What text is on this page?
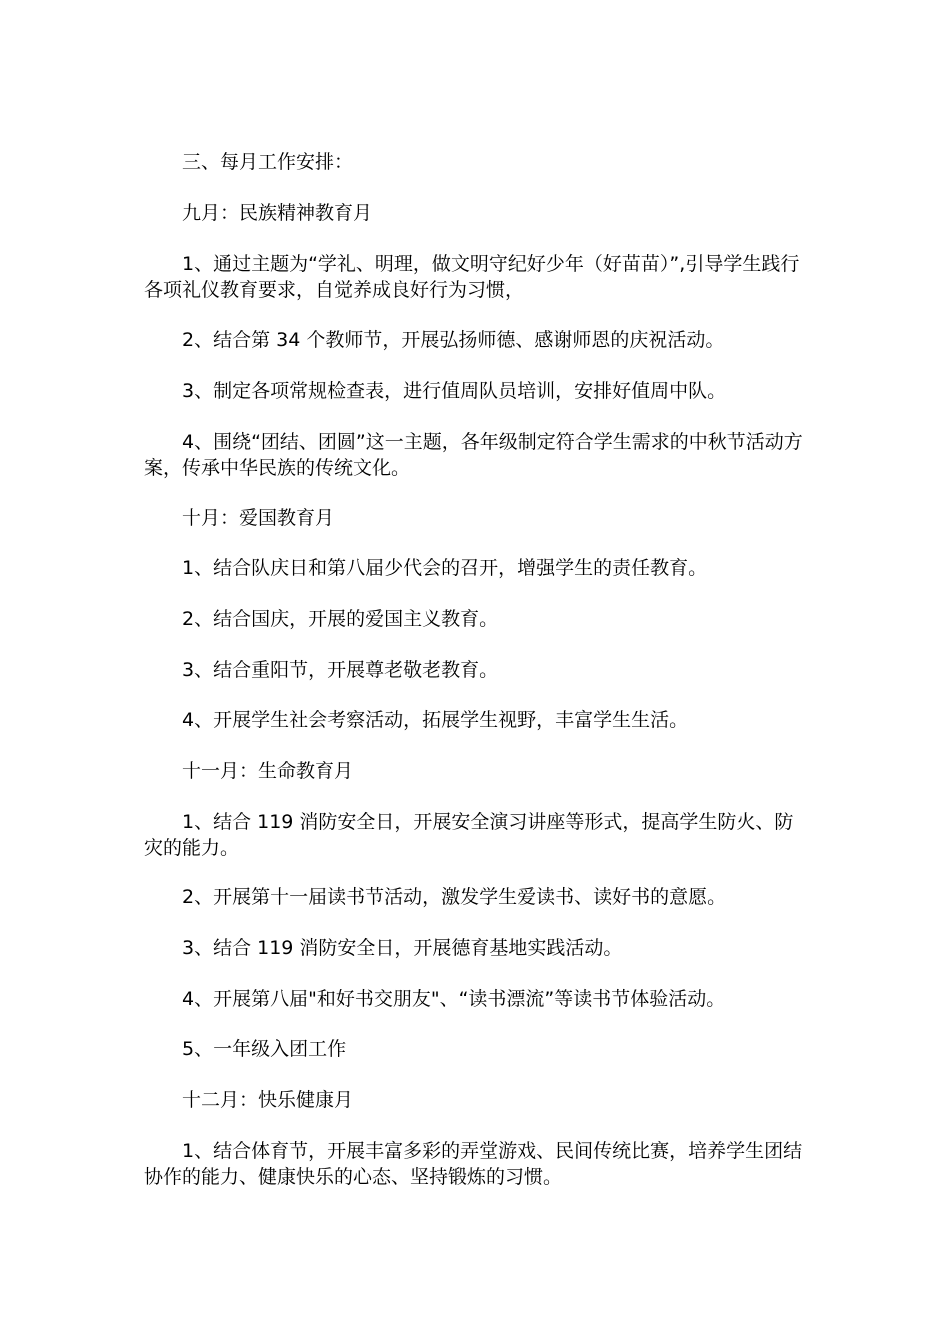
三、每月工作安排：

九月：民族精神教育月

1、通过主题为“学礼、明理，做文明守纪好少年（好苗苗）”,引导学生践行各项礼仪教育要求，自觉养成良好行为习惯，

2、结合第 34 个教师节，开展弘扬师德、感谢师恩的庆祝活动。

3、制定各项常规检查表，进行值周队员培训，安排好值周中队。

4、围绕“团结、团圆”这一主题，各年级制定符合学生需求的中秋节活动方案，传承中华民族的传统文化。

十月：爱国教育月

1、结合队庆日和第八届少代会的召开，增强学生的责任教育。

2、结合国庆，开展的爱国主义教育。

3、结合重阳节，开展尊老敬老教育。

4、开展学生社会考察活动，拓展学生视野，丰富学生生活。

十一月：生命教育月

1、结合 119 消防安全日，开展安全演习讲座等形式，提高学生防火、防灾的能力。

2、开展第十一届读书节活动，激发学生爱读书、读好书的意愿。

3、结合 119 消防安全日，开展德育基地实践活动。

4、开展第八届"和好书交朋友"、“读书漂流”等读书节体验活动。

5、一年级入团工作

十二月：快乐健康月

1、结合体育节，开展丰富多彩的弄堂游戏、民间传统比赛，培养学生团结协作的能力、健康快乐的心态、坚持锻炼的习惯。
